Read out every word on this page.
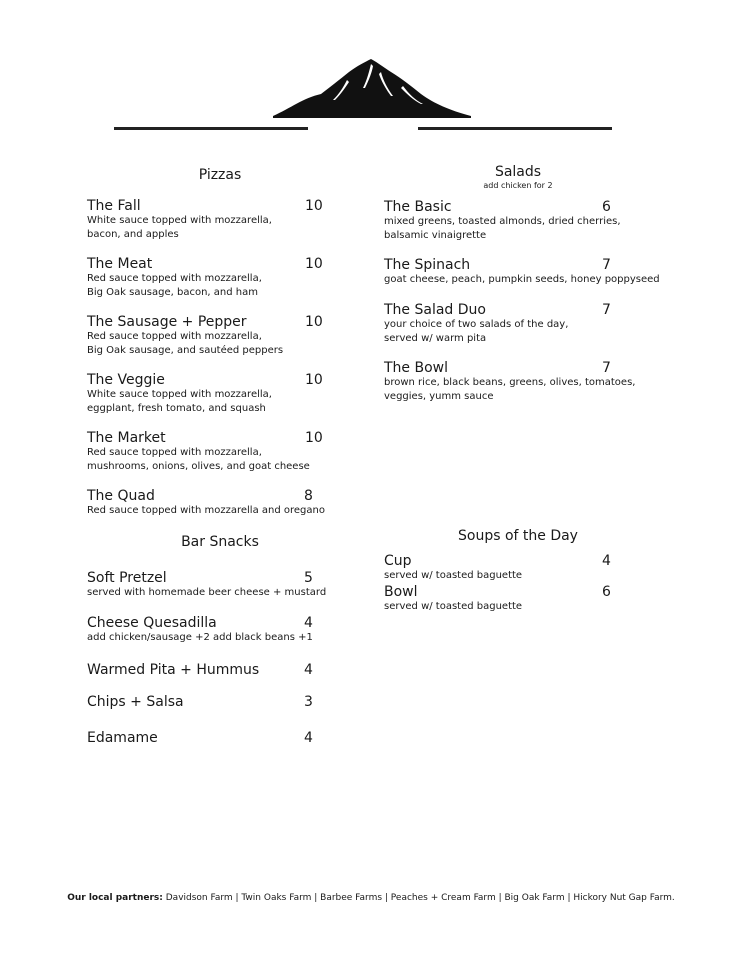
Pizzas
The Fall
White sauce topped with mozzarella,
bacon, and apples
10
The Meat
Red sauce topped with mozzarella,
Big Oak sausage, bacon, and ham
10
The Sausage + Pepper
Red sauce topped with mozzarella,
Big Oak sausage, and sautéed peppers
10
The Veggie
White sauce topped with mozzarella,
eggplant, fresh tomato, and squash
10
The Market
Red sauce topped with mozzarella,
mushrooms, onions, olives, and goat cheese
10
The Quad
Red sauce topped with mozzarella and oregano
8
Bar Snacks
Soft Pretzel
served with homemade beer cheese + mustard
5
Cheese Quesadilla
add chicken/sausage +2 add black beans +1
4
Warmed Pita + Hummus	4
Chips + Salsa	3
Edamame	4
Salads
add chicken for 2
The Basic
mixed greens, toasted almonds, dried cherries,
balsamic vinaigrette
6
The Spinach
goat cheese, peach, pumpkin seeds, honey poppyseed
7
The Salad Duo
your choice of two salads of the day,
served w/ warm pita
7
The Bowl
brown rice, black beans, greens, olives, tomatoes,
veggies, yumm sauce
7
Soups of the Day
Cup
served w/ toasted baguette
4
Bowl
served w/ toasted baguette
6
Our local partners: Davidson Farm | Twin Oaks Farm | Barbee Farms | Peaches + Cream Farm | Big Oak Farm | Hickory Nut Gap Farm.
